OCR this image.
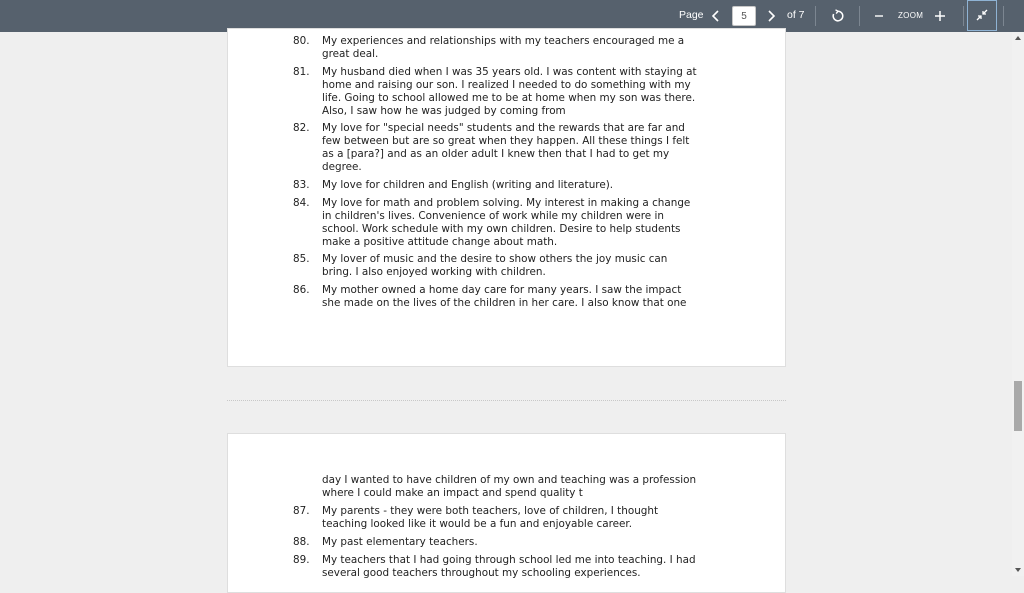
Page
5	of 7	ZOOM
80.	My experiences and relationships with my teachers encouraged me a
great deal.
81.	My husband died when I was 35 years old. I was content with staying at
home and raising our son. I realized I needed to do something with my
life. Going to school allowed me to be at home when my son was there.
Also, I saw how he was judged by coming from
82.	My love for "special needs" students and the rewards that are far and
few between but are so great when they happen. All these things I felt
as a [para?] and as an older adult I knew then that I had to get my
degree.
83.	My love for children and English (writing and literature).
84.	My love for math and problem solving. My interest in making a change
in children's lives. Convenience of work while my children were in
school. Work schedule with my own children. Desire to help students
make a positive attitude change about math.
85.	My lover of music and the desire to show others the joy music can
bring. I also enjoyed working with children.
86.	My mother owned a home day care for many years. I saw the impact
she made on the lives of the children in her care. I also know that one
day I wanted to have children of my own and teaching was a profession
where I could make an impact and spend quality t
87.	My parents - they were both teachers, love of children, I thought
teaching looked like it would be a fun and enjoyable career.
88.	My past elementary teachers.
89.	My teachers that I had going through school led me into teaching. I had
several good teachers throughout my schooling experiences.
